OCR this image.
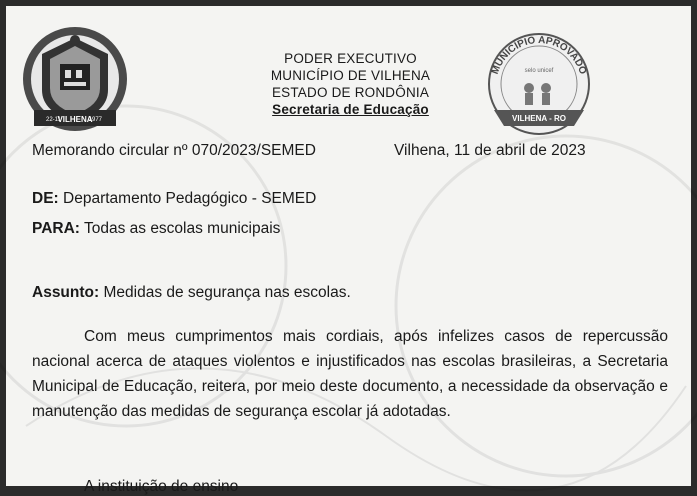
22-11
VILHENA
1977
PODER EXECUTIVO
MUNICÍPIO DE VILHENA
ESTADO DE RONDÔNIA
Secretaria de Educação
MUNICÍPIO APROVADO
selo unicef
VILHENA - RO
Memorando circular nº 070/2023/SEMED	Vilhena, 11 de abril de 2023
DE: Departamento Pedagógico - SEMED
PARA: Todas as escolas municipais
Assunto: Medidas de segurança nas escolas.
Com meus cumprimentos mais cordiais, após infelizes casos de repercussão nacional acerca de ataques violentos e injustificados nas escolas brasileiras, a Secretaria Municipal de Educação, reitera, por meio deste documento, a necessidade da observação e manutenção das medidas de segurança escolar já adotadas.
A instituição de ensino
